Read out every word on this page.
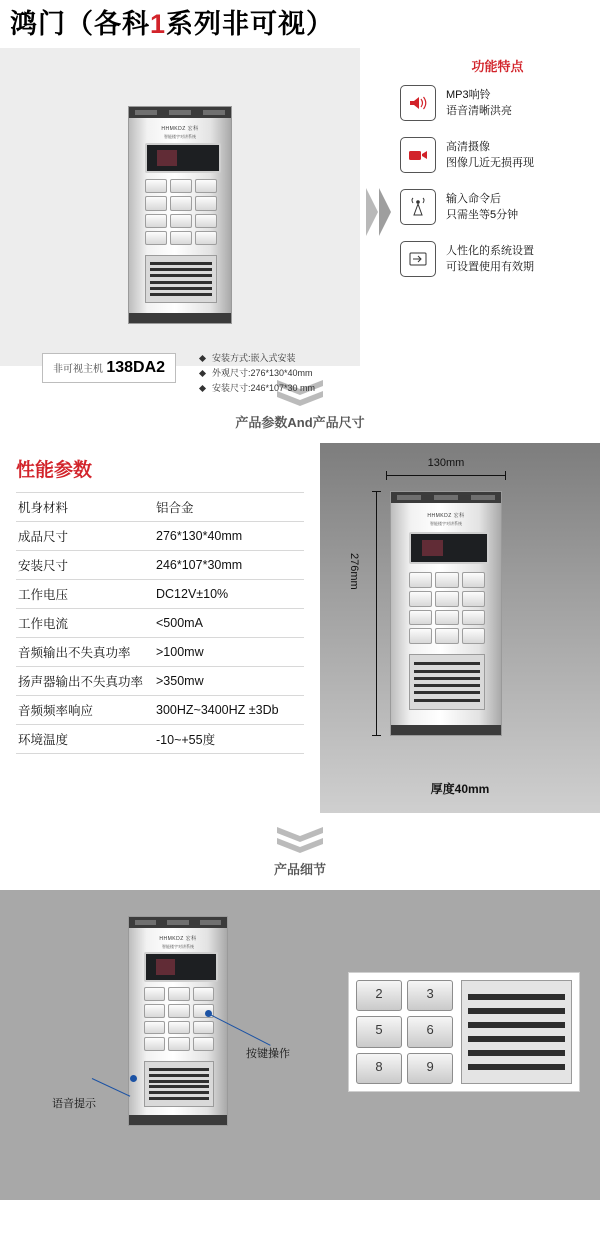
鸿门（各科1系列非可视）
HHMKDZ 宏科
智能楼宇对讲系统
非可视主机 138DA2
安装方式:嵌入式安装
外观尺寸:276*130*40mm
安装尺寸:246*107*30 mm
功能特点
MP3响铃
语音清晰洪亮
高清摄像
图像几近无损再现
输入命令后
只需坐等5分钟
人性化的系统设置
可设置使用有效期
产品参数And产品尺寸
性能参数
机身材料	铝合金
成品尺寸	276*130*40mm
安装尺寸	246*107*30mm
工作电压	DC12V±10%
工作电流	<500mA
音频输出不失真功率	>100mw
扬声器输出不失真功率	>350mw
音频频率响应	300HZ~3400HZ ±3Db
环境温度	-10~+55度
130mm
276mm
HHMKDZ 宏科
智能楼宇对讲系统
厚度40mm
产品细节
HHMKDZ 宏科
智能楼宇对讲系统
按键操作
语音提示
2	3
5	6
8	9
